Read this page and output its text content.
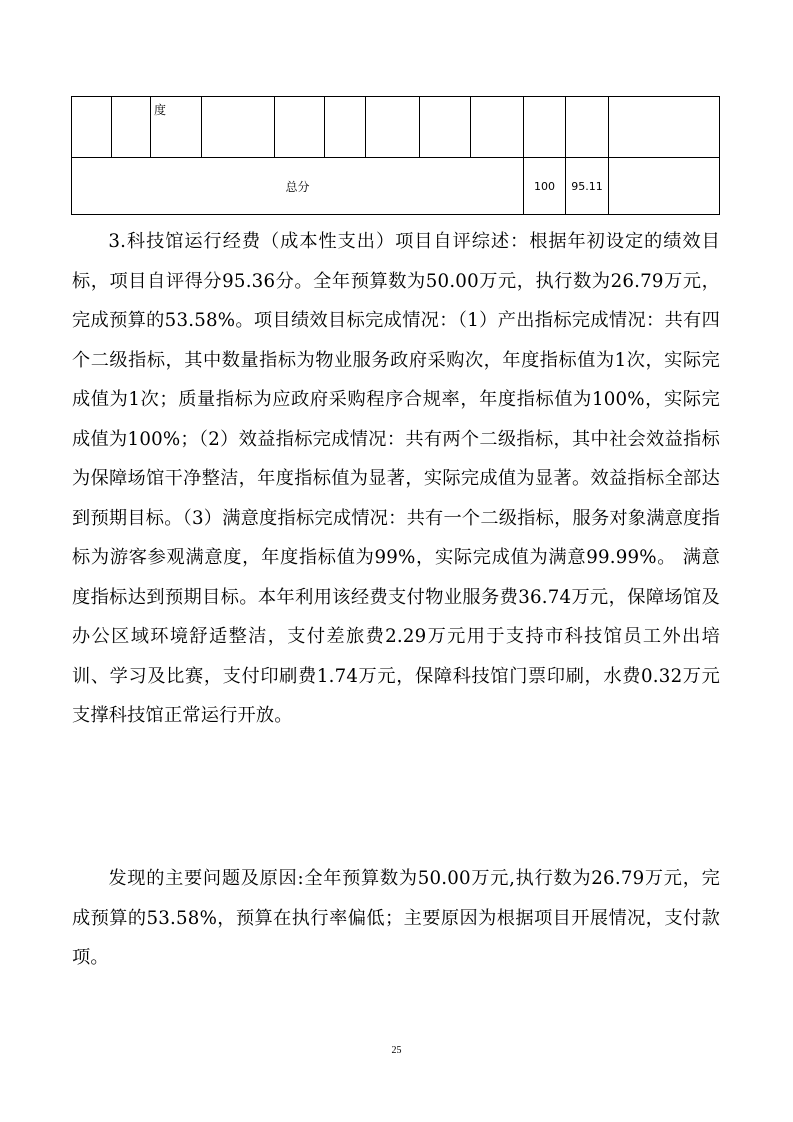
		度									
总分									100	95.11	

3.科技馆运行经费（成本性支出）项目自评综述：根据年初设定的绩效目标，项目自评得分95.36分。全年预算数为50.00万元，执行数为26.79万元，完成预算的53.58%。项目绩效目标完成情况：（1）产出指标完成情况：共有四个二级指标，其中数量指标为物业服务政府采购次，年度指标值为1次，实际完成值为1次；质量指标为应政府采购程序合规率，年度指标值为100%，实际完成值为100%；（2）效益指标完成情况：共有两个二级指标，其中社会效益指标为保障场馆干净整洁，年度指标值为显著，实际完成值为显著。效益指标全部达到预期目标。（3）满意度指标完成情况：共有一个二级指标，服务对象满意度指标为游客参观满意度，年度指标值为99%，实际完成值为满意99.99%。 满意度指标达到预期目标。本年利用该经费支付物业服务费36.74万元，保障场馆及办公区域环境舒适整洁，支付差旅费2.29万元用于支持市科技馆员工外出培训、学习及比赛，支付印刷费1.74万元，保障科技馆门票印刷，水费0.32万元支撑科技馆正常运行开放。

发现的主要问题及原因:全年预算数为50.00万元,执行数为26.79万元，完成预算的53.58%，预算在执行率偏低；主要原因为根据项目开展情况，支付款项。

25
